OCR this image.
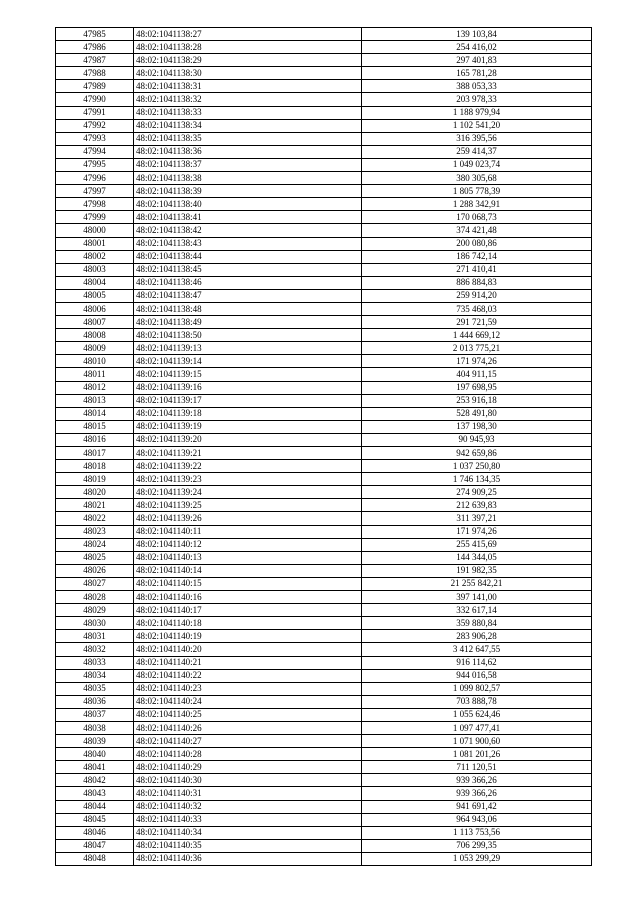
47985	48:02:1041138:27	139 103,84
47986	48:02:1041138:28	254 416,02
47987	48:02:1041138:29	297 401,83
47988	48:02:1041138:30	165 781,28
47989	48:02:1041138:31	388 053,33
47990	48:02:1041138:32	203 978,33
47991	48:02:1041138:33	1 188 979,94
47992	48:02:1041138:34	1 102 541,20
47993	48:02:1041138:35	316 395,56
47994	48:02:1041138:36	259 414,37
47995	48:02:1041138:37	1 049 023,74
47996	48:02:1041138:38	380 305,68
47997	48:02:1041138:39	1 805 778,39
47998	48:02:1041138:40	1 288 342,91
47999	48:02:1041138:41	170 068,73
48000	48:02:1041138:42	374 421,48
48001	48:02:1041138:43	200 080,86
48002	48:02:1041138:44	186 742,14
48003	48:02:1041138:45	271 410,41
48004	48:02:1041138:46	886 884,83
48005	48:02:1041138:47	259 914,20
48006	48:02:1041138:48	735 468,03
48007	48:02:1041138:49	291 721,59
48008	48:02:1041138:50	1 444 669,12
48009	48:02:1041139:13	2 013 775,21
48010	48:02:1041139:14	171 974,26
48011	48:02:1041139:15	404 911,15
48012	48:02:1041139:16	197 698,95
48013	48:02:1041139:17	253 916,18
48014	48:02:1041139:18	528 491,80
48015	48:02:1041139:19	137 198,30
48016	48:02:1041139:20	90 945,93
48017	48:02:1041139:21	942 659,86
48018	48:02:1041139:22	1 037 250,80
48019	48:02:1041139:23	1 746 134,35
48020	48:02:1041139:24	274 909,25
48021	48:02:1041139:25	212 639,83
48022	48:02:1041139:26	311 397,21
48023	48:02:1041140:11	171 974,26
48024	48:02:1041140:12	255 415,69
48025	48:02:1041140:13	144 344,05
48026	48:02:1041140:14	191 982,35
48027	48:02:1041140:15	21 255 842,21
48028	48:02:1041140:16	397 141,00
48029	48:02:1041140:17	332 617,14
48030	48:02:1041140:18	359 880,84
48031	48:02:1041140:19	283 906,28
48032	48:02:1041140:20	3 412 647,55
48033	48:02:1041140:21	916 114,62
48034	48:02:1041140:22	944 016,58
48035	48:02:1041140:23	1 099 802,57
48036	48:02:1041140:24	703 888,78
48037	48:02:1041140:25	1 055 624,46
48038	48:02:1041140:26	1 097 477,41
48039	48:02:1041140:27	1 071 900,60
48040	48:02:1041140:28	1 081 201,26
48041	48:02:1041140:29	711 120,51
48042	48:02:1041140:30	939 366,26
48043	48:02:1041140:31	939 366,26
48044	48:02:1041140:32	941 691,42
48045	48:02:1041140:33	964 943,06
48046	48:02:1041140:34	1 113 753,56
48047	48:02:1041140:35	706 299,35
48048	48:02:1041140:36	1 053 299,29
